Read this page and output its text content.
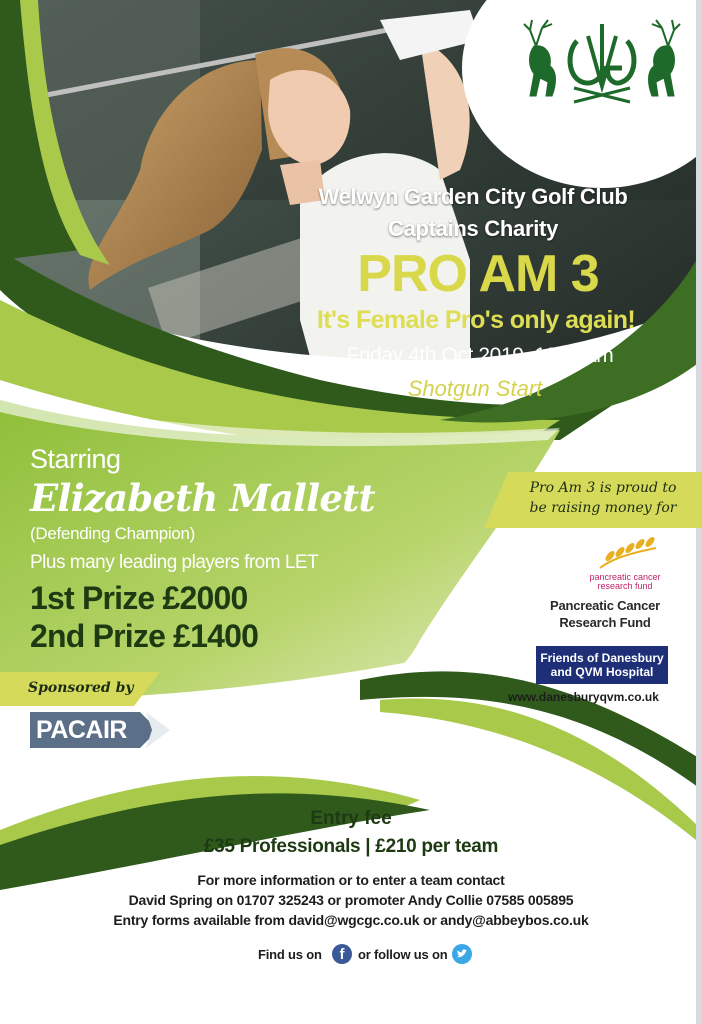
Welwyn Garden City Golf Club
Captains Charity
PRO AM 3
It's Female Pro's only again!
Friday 4th Oct 2019, 10.30am
Shotgun Start
Starring
Elizabeth Mallett
(Defending Champion)
Plus many leading players from LET
1st Prize £2000
2nd Prize £1400
Sponsored by
PACAIR
Bespoke design and distribution
of Air Conditioning products
Pro Am 3 is proud to
be raising money for
pancreatic cancer
research fund
Pancreatic Cancer
Research Fund
Friends of Danesbury
and QVM Hospital
www.danesburyqvm.co.uk
Entry fee
£35 Professionals | £210 per team
For more information or to enter a team contact
David Spring on 01707 325243 or promoter Andy Collie 07585 005895
Entry forms available from david@wgcgc.co.uk or andy@abbeybos.co.uk
Find us on	f	or follow us on
